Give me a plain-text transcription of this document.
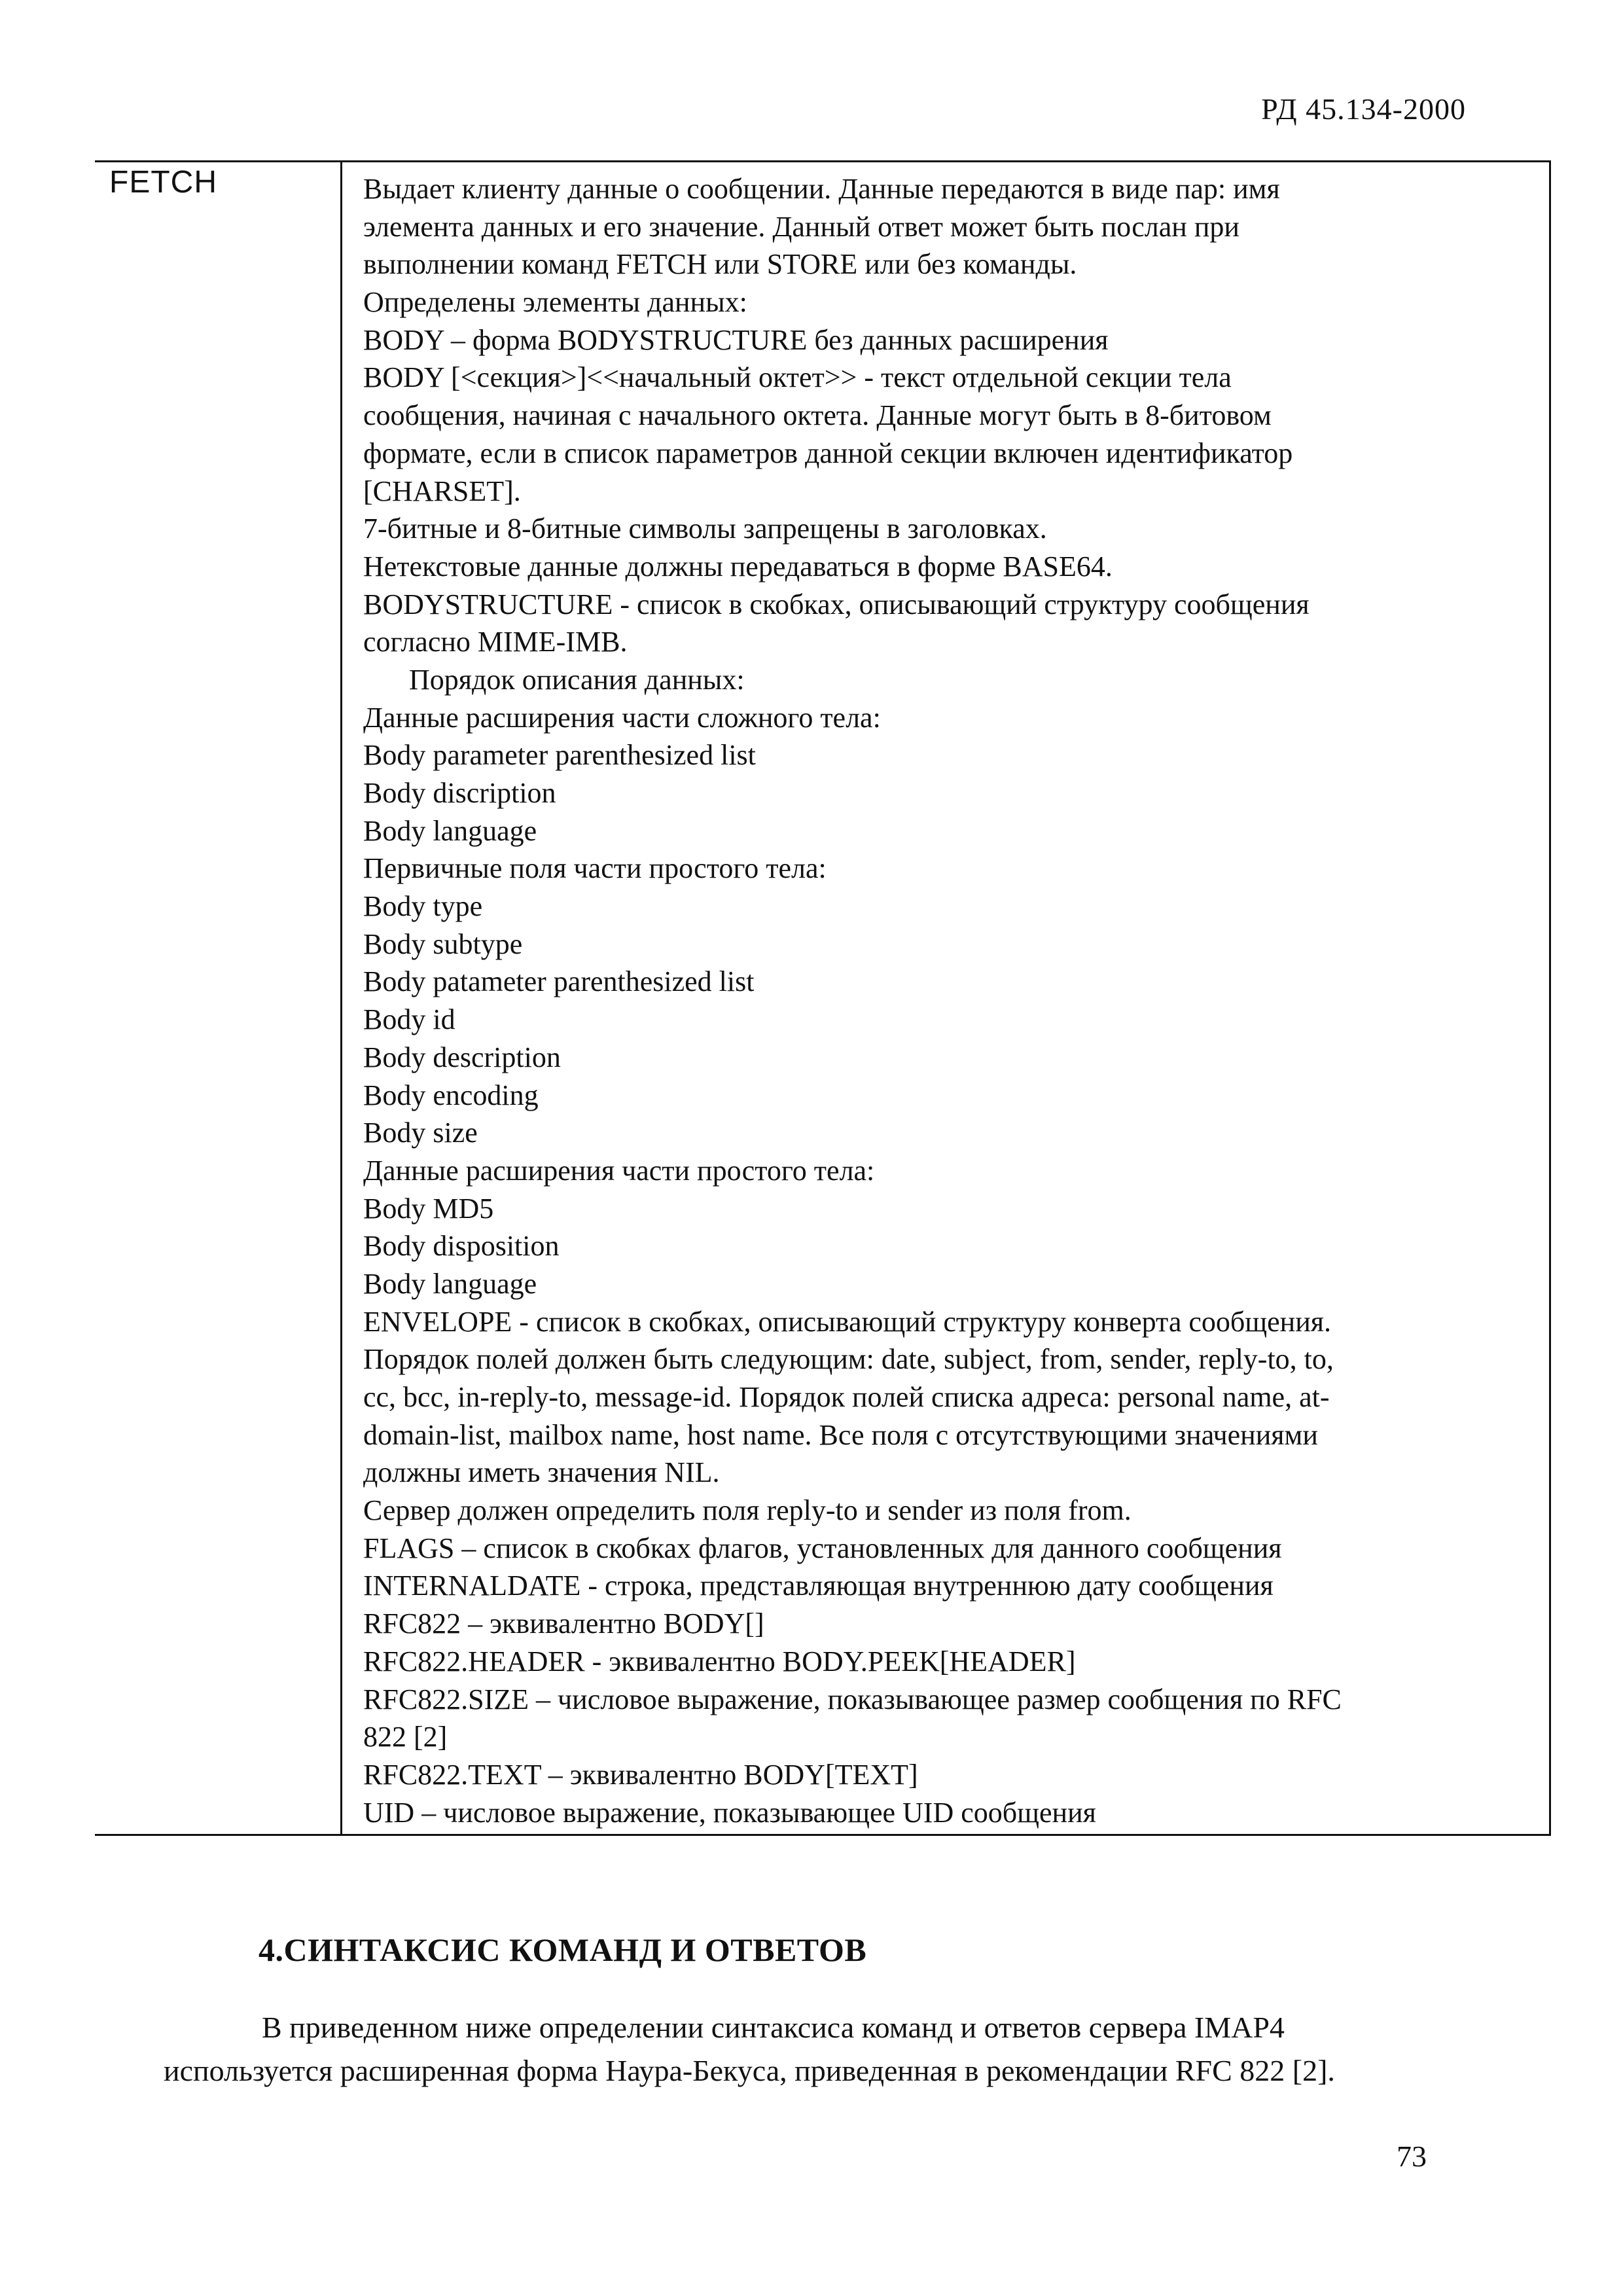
РД 45.134-2000
FETCH	Выдает клиенту данные о сообщении. Данные передаются в виде пар: имя
элемента данных и его значение. Данный ответ может быть послан при
выполнении команд FETCH или STORE или без команды.
Определены элементы данных:
BODY – форма BODYSTRUCTURE без данных расширения
BODY [<секция>]<<начальный октет>> - текст отдельной секции тела
сообщения, начиная с начального октета. Данные могут быть в 8-битовом
формате, если в список параметров данной секции включен идентификатор
[CHARSET].
7-битные и 8-битные символы запрещены в заголовках.
Нетекстовые данные должны передаваться в форме BASE64.
BODYSTRUCTURE - список в скобках, описывающий структуру сообщения
согласно MIME-IMB.
Порядок описания данных:
Данные расширения части сложного тела:
Body parameter parenthesized list
Body discription
Body language
Первичные поля части простого тела:
Body type
Body subtype
Body patameter parenthesized list
Body id
Body description
Body encoding
Body size
Данные расширения части простого тела:
Body MD5
Body disposition
Body language
ENVELOPE - список в скобках, описывающий структуру конверта сообщения.
Порядок полей должен быть следующим: date, subject, from, sender, reply-to, to,
cc, bcc, in-reply-to, message-id. Порядок полей списка адреса: personal name, at-
domain-list, mailbox name, host name. Все поля с отсутствующими значениями
должны иметь значения NIL.
Сервер должен определить поля reply-to и sender из поля from.
FLAGS – список в скобках флагов, установленных для данного сообщения
INTERNALDATE - строка, представляющая внутреннюю дату сообщения
RFC822 – эквивалентно BODY[]
RFC822.HEADER - эквивалентно BODY.PEEK[HEADER]
RFC822.SIZE – числовое выражение, показывающее размер сообщения по RFC
822 [2]
RFC822.TEXT – эквивалентно BODY[TEXT]
UID – числовое выражение, показывающее UID сообщения
4.СИНТАКСИС КОМАНД И ОТВЕТОВ
В приведенном ниже определении синтаксиса команд и ответов сервера IMAP4
используется расширенная форма Наура-Бекуса, приведенная в рекомендации RFC 822 [2].
73
